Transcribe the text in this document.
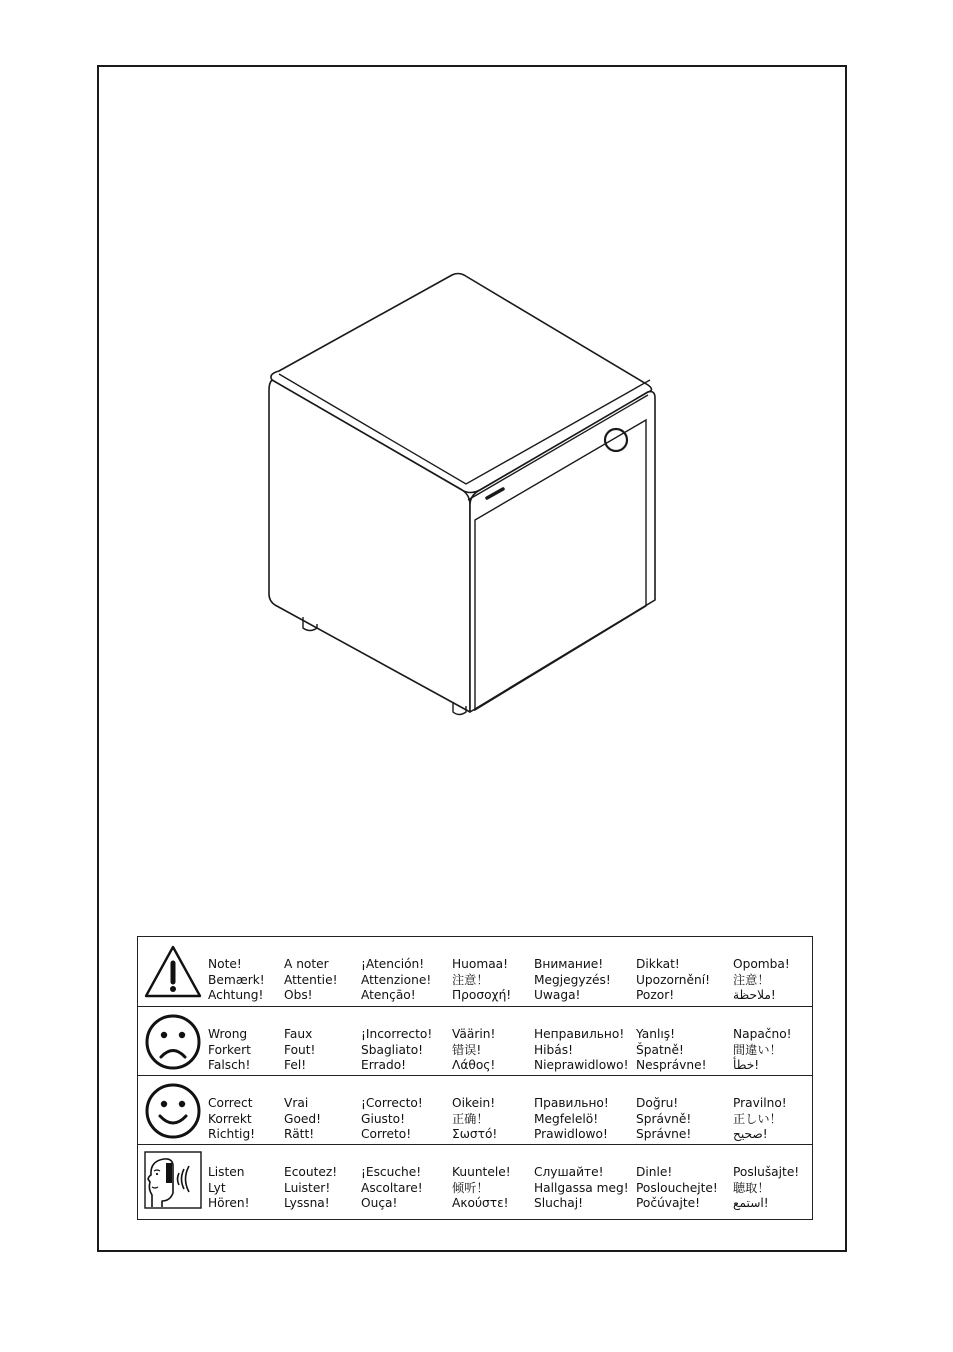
Note!
Bemærk!
Achtung!
A noter
Attentie!
Obs!
¡Atención!
Attenzione!
Atenção!
Huomaa!
注意！
Προσοχή!
Внимание!
Megjegyzés!
Uwaga!
Dikkat!
Upozornění!
Pozor!
Opomba!
注意！
!ملاحظة
Wrong
Forkert
Falsch!
Faux
Fout!
Fel!
¡Incorrecto!
Sbagliato!
Errado!
Väärin!
错误!
Λάθος!
Неправильно!
Hibás!
Nieprawidlowo!
Yanlış!
Špatně!
Nesprávne!
Napačno!
間違い！
!خطأ
Correct
Korrekt
Richtig!
Vrai
Goed!
Rätt!
¡Correcto!
Giusto!
Correto!
Oikein!
正确！
Σωστό!
Правильно!
Megfelelö!
Prawidlowo!
Doğru!
Správně!
Správne!
Pravilno!
正しい！
!صحيح
Listen
Lyt
Hören!
Ecoutez!
Luister!
Lyssna!
¡Escuche!
Ascoltare!
Ouça!
Kuuntele!
倾听！
Ακούστε!
Слушайте!
Hallgassa meg!
Sluchaj!
Dinle!
Poslouchejte!
Počúvajte!
Poslušajte!
聴取！
!استمع
